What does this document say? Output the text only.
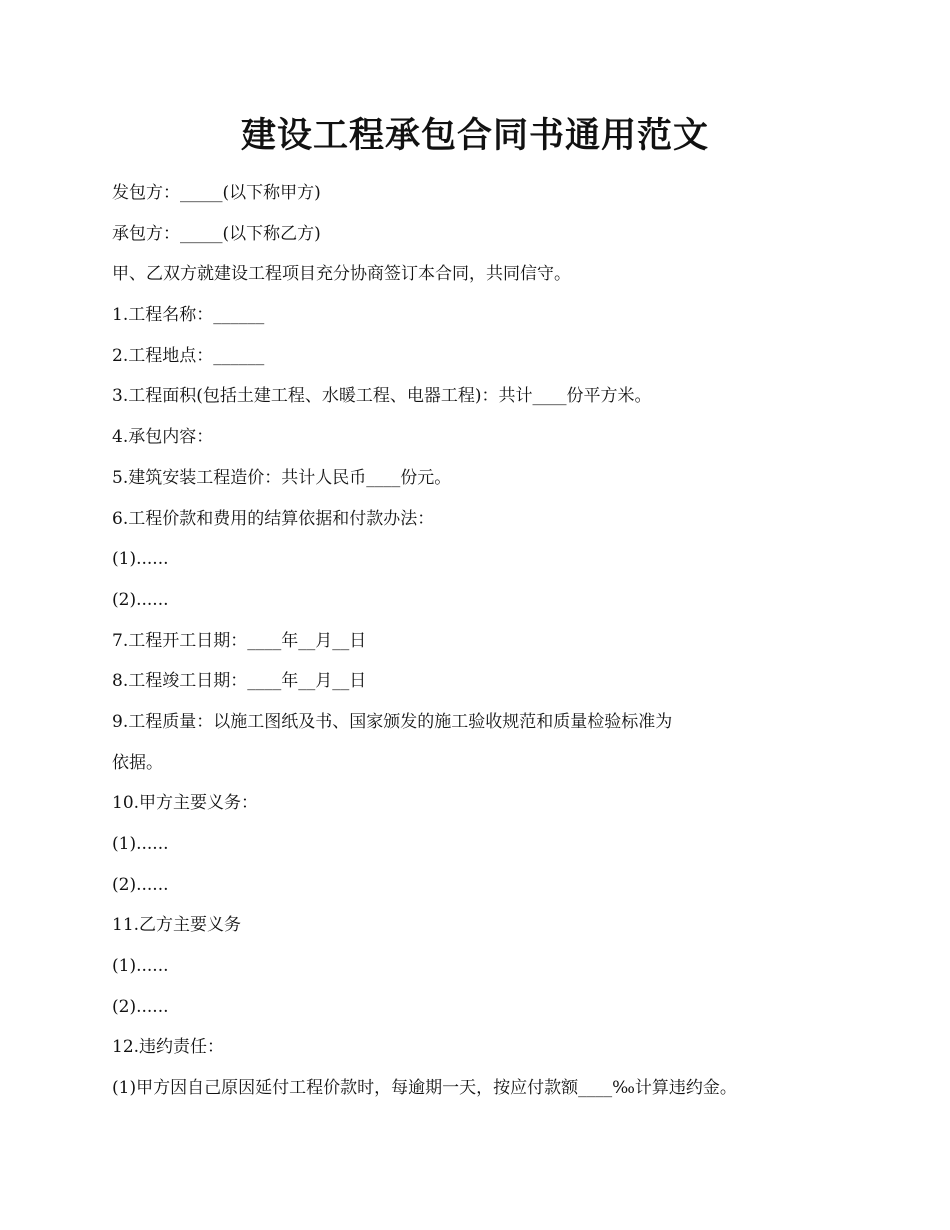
建设工程承包合同书通用范文
发包方：_____(以下称甲方)
承包方：_____(以下称乙方)
甲、乙双方就建设工程项目充分协商签订本合同，共同信守。
1.工程名称：______
2.工程地点：______
3.工程面积(包括土建工程、水暖工程、电器工程)：共计____份平方米。
4.承包内容：
5.建筑安装工程造价：共计人民币____份元。
6.工程价款和费用的结算依据和付款办法：
(1)......
(2)......
7.工程开工日期：____年__月__日
8.工程竣工日期：____年__月__日
9.工程质量：以施工图纸及书、国家颁发的施工验收规范和质量检验标准为
依据。
10.甲方主要义务：
(1)......
(2)......
11.乙方主要义务
(1)......
(2)......
12.违约责任：
(1)甲方因自己原因延付工程价款时，每逾期一天，按应付款额____‰计算违约金。
